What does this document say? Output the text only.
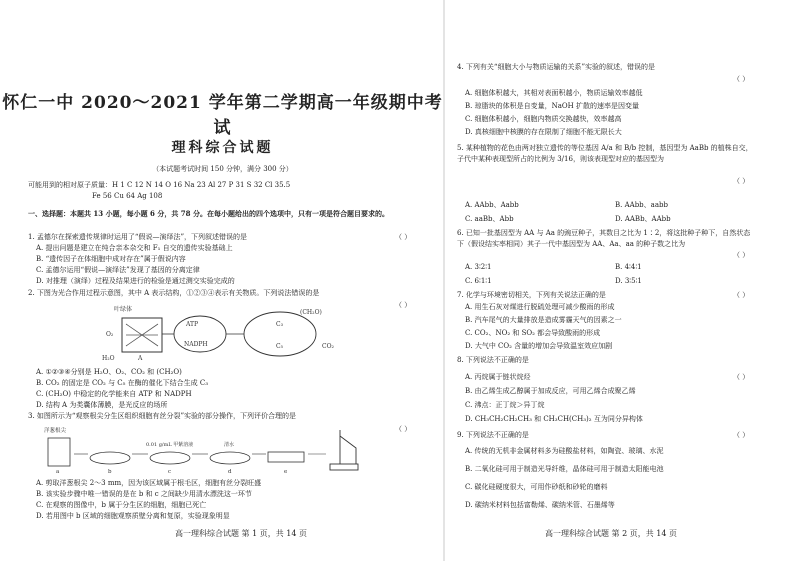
怀仁一中 2020～2021 学年第二学期高一年级期中考试
理科综合试题
（本试题考试时间 150 分钟，满分 300 分）
可能用到的相对原子质量：H 1 C 12 N 14 O 16 Na 23 Al 27 P 31 S 32 Cl 35.5
Fe 56 Cu 64 Ag 108
一、选择题：本题共 13 小题，每小题 6 分，共 78 分。在每小题给出的四个选项中，只有一项是符合题目要求的。
1. 孟德尔在探索遗传规律时运用了“假说—演绎法”，下列叙述错误的是	（ ）
A. 提出问题是建立在纯合亲本杂交和 F₁ 自交的遗传实验基础上
B. “遗传因子在体细胞中成对存在”属于假说内容
C. 孟德尔运用“假说—演绎法”发现了基因的分离定律
D. 对推理（演绎）过程及结果进行的检验是通过测交实验完成的
2. 下图为光合作用过程示意图，其中 A 表示结构，①②③④表示有关物质。下列说法错误的是
（ ）
叶绿体
A
H₂O
O₂
ATP
NADPH
(CH₂O)
CO₂
C₃
C₅
A. ①②③④分别是 H₂O、O₂、CO₂ 和 (CH₂O)
B. CO₂ 的固定是 CO₂ 与 C₅ 在酶的催化下结合生成 C₃
C. (CH₂O) 中稳定的化学能来自 ATP 和 NADPH
D. 结构 A 为类囊体薄膜，是光反应的场所
3. 如图所示为“观察根尖分生区组织细胞有丝分裂”实验的部分操作，下列评价合理的是
（ ）
洋葱根尖
a	b
0.01 g/mL 甲紫溶液
c
清水
d	e
A. 剪取洋葱根尖 2～3 mm，因为该区域属于根毛区，细胞有丝分裂旺盛
B. 该实验步骤中唯一错误的是在 b 和 c 之间缺少用清水漂洗这一环节
C. 在观察的图像中，b 属于分生区的细胞，细胞已死亡
D. 若用图中 b 区域的细胞观察质壁分离和复原，实验现象明显
高一理科综合试题 第 1 页，共 14 页
4. 下列有关“细胞大小与物质运输的关系”实验的叙述，错误的是
（ ）
A. 细胞体积越大，其相对表面积越小，物质运输效率越低
B. 琼脂块的体积是自变量，NaOH 扩散的速率是因变量
C. 细胞体积越小，细胞内物质交换越快，效率越高
D. 真核细胞中核膜的存在限制了细胞不能无限长大
5. 某种植物的花色由两对独立遗传的等位基因 A/a 和 B/b 控制，基因型为 AaBb 的植株自交，子代中某种表现型所占的比例为 3/16，则该表现型对应的基因型为
（ ）
A. AAbb、Aabb	B. AAbb、aabb
C. aaBb、Abb	D. AABb、AAbb
6. 已知一批基因型为 AA 与 Aa 的豌豆种子，其数目之比为 1∶2，将这批种子种下，自然状态下（假设结实率相同）其子一代中基因型为 AA、Aa、aa 的种子数之比为
（ ）
A. 3∶2∶1	B. 4∶4∶1
C. 6∶1∶1	D. 3∶5∶1
7. 化学与环境密切相关，下列有关说法正确的是	（ ）
A. 用生石灰对煤进行脱硫处理可减少酸雨的形成
B. 汽车尾气的大量排放是造成雾霾天气的因素之一
C. CO₂、NO₂ 和 SO₂ 都会导致酸雨的形成
D. 大气中 CO₂ 含量的增加会导致温室效应加剧
8. 下列说法不正确的是
（ ）
A. 丙烷属于链状烷烃
B. 由乙烯生成乙醇属于加成反应，可用乙烯合成聚乙烯
C. 沸点：正丁烷＞异丁烷
D. CH₃CH₂CH₂CH₃ 和 CH₃CH(CH₃)₂ 互为同分异构体
9. 下列说法不正确的是	（ ）
A. 传统的无机非金属材料多为硅酸盐材料，如陶瓷、玻璃、水泥
B. 二氧化硅可用于制造光导纤维，晶体硅可用于制造太阳能电池
C. 碳化硅硬度很大，可用作砂纸和砂轮的磨料
D. 碳纳米材料包括富勒烯、碳纳米管、石墨烯等
高一理科综合试题 第 2 页，共 14 页
